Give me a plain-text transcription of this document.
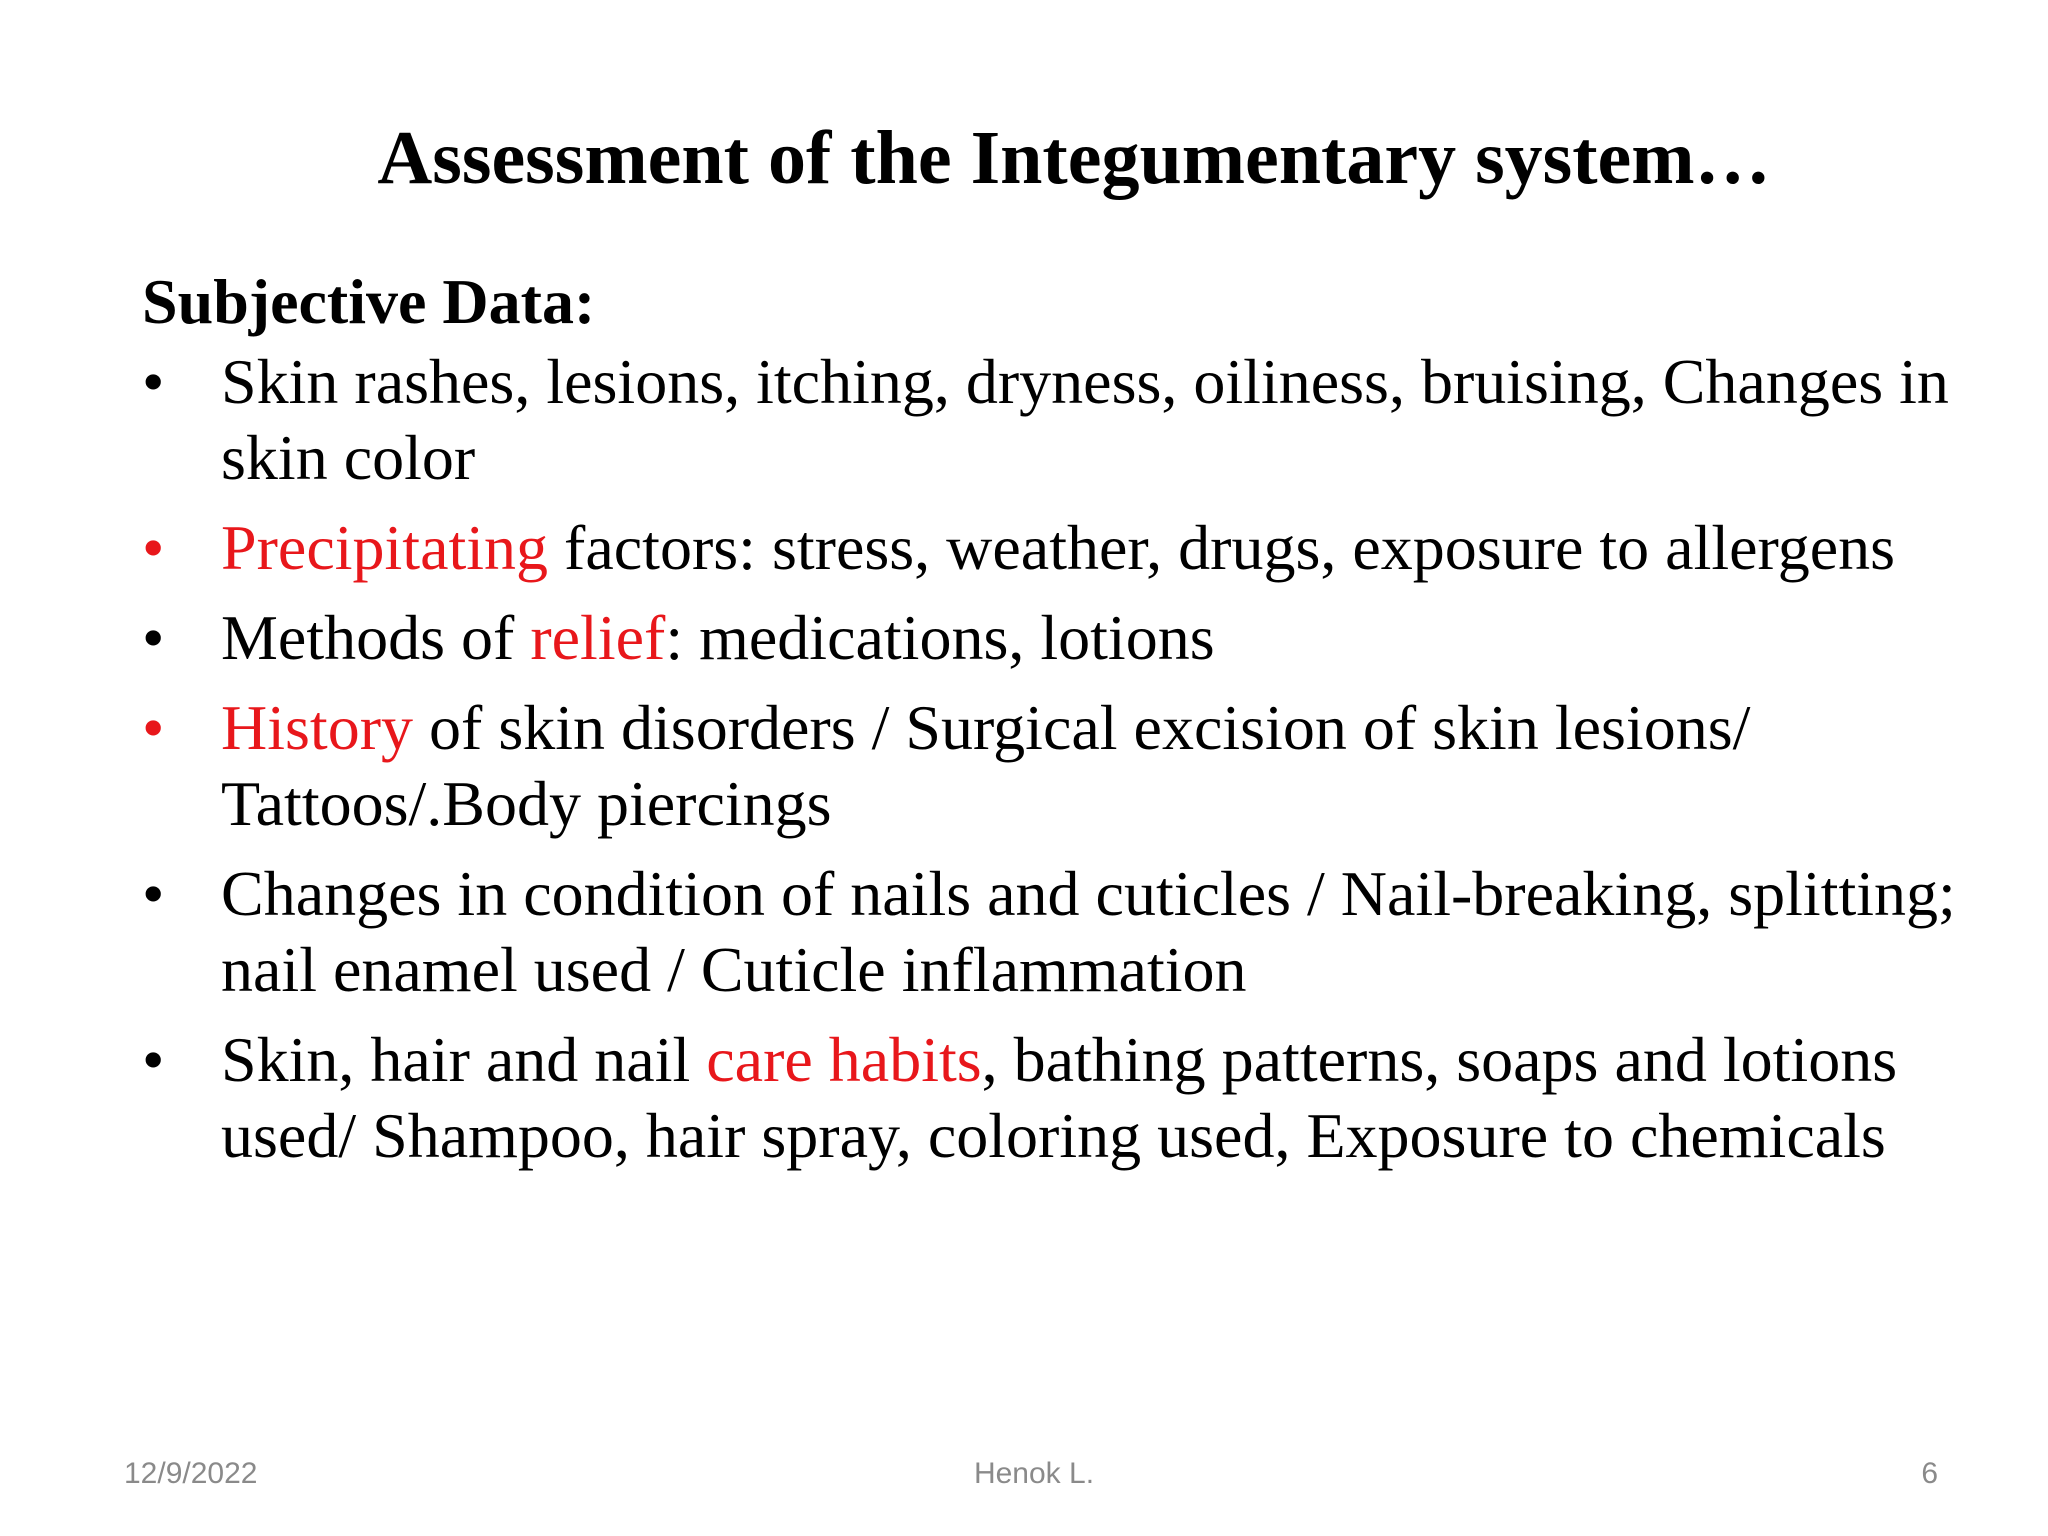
Assessment of the Integumentary system…
Subjective Data:
• Skin rashes, lesions, itching, dryness, oiliness, bruising, Changes in skin color
• Precipitating factors: stress, weather, drugs, exposure to allergens
• Methods of relief: medications, lotions
• History of skin disorders / Surgical excision of skin lesions/ Tattoos/.Body piercings
• Changes in condition of nails and cuticles / Nail-breaking, splitting; nail enamel used / Cuticle inflammation
• Skin, hair and nail care habits, bathing patterns, soaps and lotions used/ Shampoo, hair spray, coloring used, Exposure to chemicals
12/9/2022	Henok L.	6
